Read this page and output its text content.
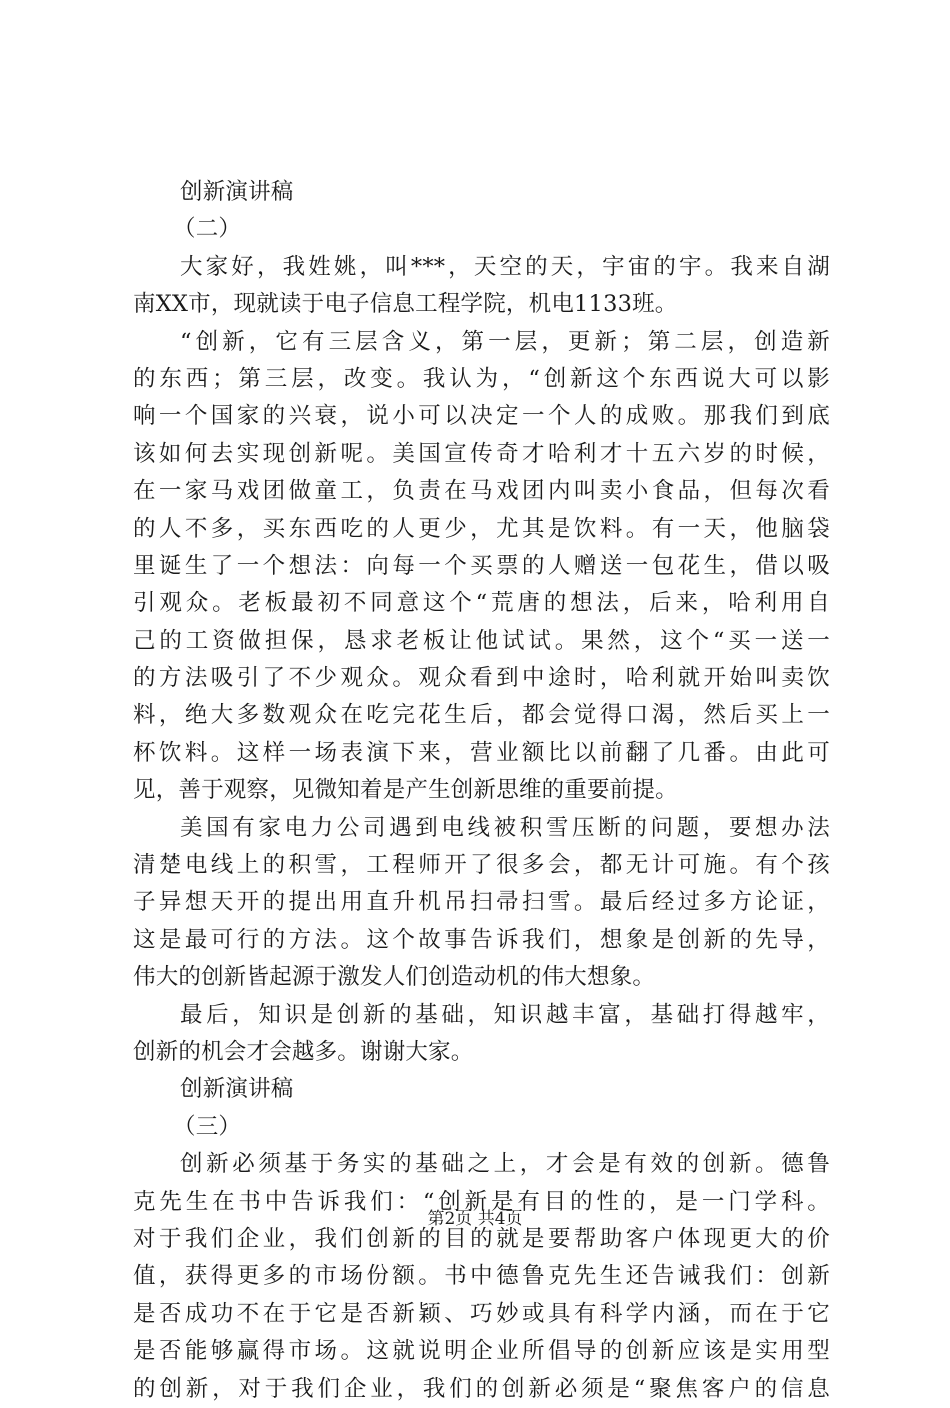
创新演讲稿
（二）
大家好，我姓姚，叫***，天空的天，宇宙的宇。我来自湖
南XX市，现就读于电子信息工程学院，机电1133班。
“创新，它有三层含义，第一层，更新；第二层，创造新
的东西；第三层，改变。我认为，“创新这个东西说大可以影
响一个国家的兴衰，说小可以决定一个人的成败。那我们到底
该如何去实现创新呢。美国宣传奇才哈利才十五六岁的时候，
在一家马戏团做童工，负责在马戏团内叫卖小食品，但每次看
的人不多，买东西吃的人更少，尤其是饮料。有一天，他脑袋
里诞生了一个想法：向每一个买票的人赠送一包花生，借以吸
引观众。老板最初不同意这个“荒唐的想法，后来，哈利用自
己的工资做担保，恳求老板让他试试。果然，这个“买一送一
的方法吸引了不少观众。观众看到中途时，哈利就开始叫卖饮
料，绝大多数观众在吃完花生后，都会觉得口渴，然后买上一
杯饮料。这样一场表演下来，营业额比以前翻了几番。由此可
见，善于观察，见微知着是产生创新思维的重要前提。
美国有家电力公司遇到电线被积雪压断的问题，要想办法
清楚电线上的积雪，工程师开了很多会，都无计可施。有个孩
子异想天开的提出用直升机吊扫帚扫雪。最后经过多方论证，
这是最可行的方法。这个故事告诉我们，想象是创新的先导，
伟大的创新皆起源于激发人们创造动机的伟大想象。
最后，知识是创新的基础，知识越丰富，基础打得越牢，
创新的机会才会越多。谢谢大家。
创新演讲稿
（三）
创新必须基于务实的基础之上，才会是有效的创新。德鲁
克先生在书中告诉我们：“创新是有目的性的，是一门学科。
对于我们企业，我们创新的目的就是要帮助客户体现更大的价
值，获得更多的市场份额。书中德鲁克先生还告诫我们：创新
是否成功不在于它是否新颖、巧妙或具有科学内涵，而在于它
是否能够赢得市场。这就说明企业所倡导的创新应该是实用型
的创新，对于我们企业，我们的创新必须是“聚焦客户的信息
第2页 共4页
